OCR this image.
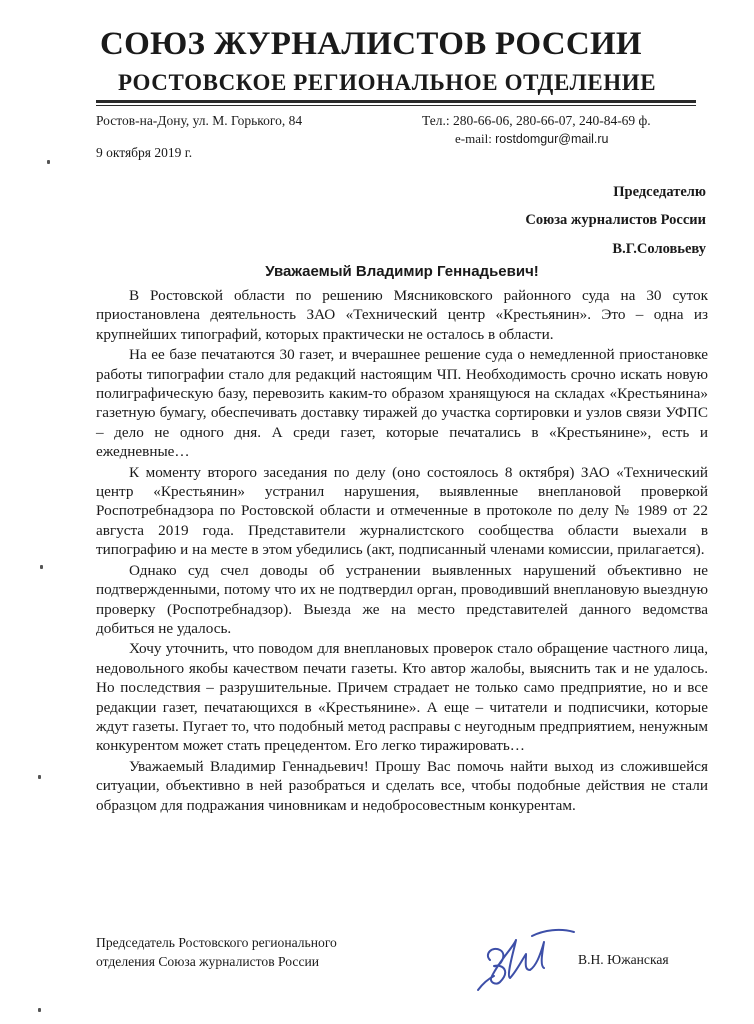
СОЮЗ ЖУРНАЛИСТОВ РОССИИ
РОСТОВСКОЕ РЕГИОНАЛЬНОЕ ОТДЕЛЕНИЕ
Ростов-на-Дону, ул. М. Горького, 84	Тел.: 280-66-06, 280-66-07, 240-84-69 ф.
e-mail: rostdomgur@mail.ru
9 октября 2019 г.
Председателю
Союза журналистов России
В.Г.Соловьеву
Уважаемый Владимир Геннадьевич!

В Ростовской области по решению Мясниковского районного суда на 30 суток приостановлена деятельность ЗАО «Технический центр «Крестьянин». Это – одна из крупнейших типографий, которых практически не осталось в области.

На ее базе печатаются 30 газет, и вчерашнее решение суда о немедленной приостановке работы типографии стало для редакций настоящим ЧП. Необходимость срочно искать новую полиграфическую базу, перевозить каким-то образом хранящуюся на складах «Крестьянина» газетную бумагу, обеспечивать доставку тиражей до участка сортировки и узлов связи УФПС – дело не одного дня. А среди газет, которые печатались в «Крестьянине», есть и ежедневные…

К моменту второго заседания по делу (оно состоялось 8 октября) ЗАО «Технический центр «Крестьянин» устранил нарушения, выявленные внеплановой проверкой Роспотребнадзора по Ростовской области и отмеченные в протоколе по делу № 1989 от 22 августа 2019 года. Представители журналистского сообщества области выехали в типографию и на месте в этом убедились (акт, подписанный членами комиссии, прилагается).

Однако суд счел доводы об устранении выявленных нарушений объективно не подтвержденными, потому что их не подтвердил орган, проводивший внеплановую выездную проверку (Роспотребнадзор). Выезда же на место представителей данного ведомства добиться не удалось.

Хочу уточнить, что поводом для внеплановых проверок стало обращение частного лица, недовольного якобы качеством печати газеты. Кто автор жалобы, выяснить так и не удалось. Но последствия – разрушительные. Причем страдает не только само предприятие, но и все редакции газет, печатающихся в «Крестьянине». А еще – читатели и подписчики, которые ждут газеты. Пугает то, что подобный метод расправы с неугодным предприятием, ненужным конкурентом может стать прецедентом. Его легко тиражировать…

Уважаемый Владимир Геннадьевич! Прошу Вас помочь найти выход из сложившейся ситуации, объективно в ней разобраться и сделать все, чтобы подобные действия не стали образцом для подражания чиновникам и недобросовестным конкурентам.

Председатель Ростовского регионального
отделения Союза журналистов России	В.Н. Южанская
